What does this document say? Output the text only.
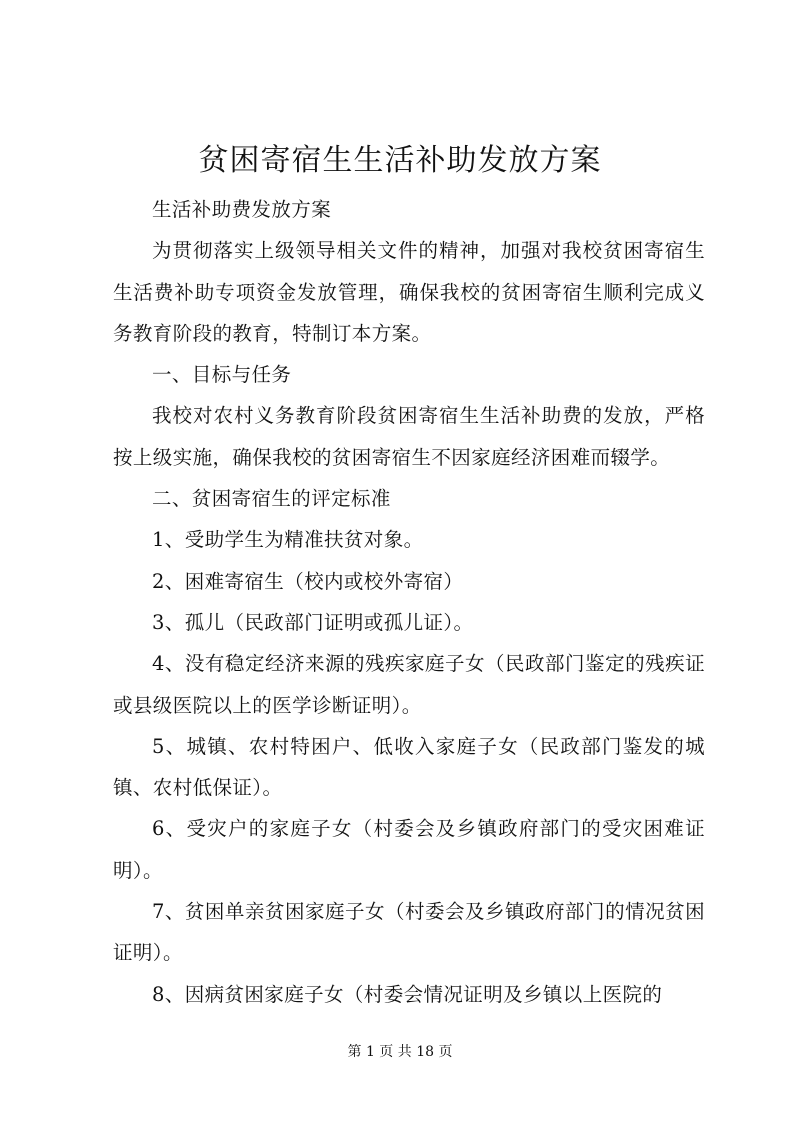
贫困寄宿生生活补助发放方案

生活补助费发放方案

为贯彻落实上级领导相关文件的精神，加强对我校贫困寄宿生生活费补助专项资金发放管理，确保我校的贫困寄宿生顺利完成义务教育阶段的教育，特制订本方案。

一、目标与任务

我校对农村义务教育阶段贫困寄宿生生活补助费的发放，严格按上级实施，确保我校的贫困寄宿生不因家庭经济困难而辍学。

二、贫困寄宿生的评定标准

1、受助学生为精准扶贫对象。

2、困难寄宿生（校内或校外寄宿）

3、孤儿（民政部门证明或孤儿证）。

4、没有稳定经济来源的残疾家庭子女（民政部门鉴定的残疾证或县级医院以上的医学诊断证明）。

5、城镇、农村特困户、低收入家庭子女（民政部门鉴发的城镇、农村低保证）。

6、受灾户的家庭子女（村委会及乡镇政府部门的受灾困难证明）。

7、贫困单亲贫困家庭子女（村委会及乡镇政府部门的情况贫困证明）。

8、因病贫困家庭子女（村委会情况证明及乡镇以上医院的

第 1 页 共 18 页
